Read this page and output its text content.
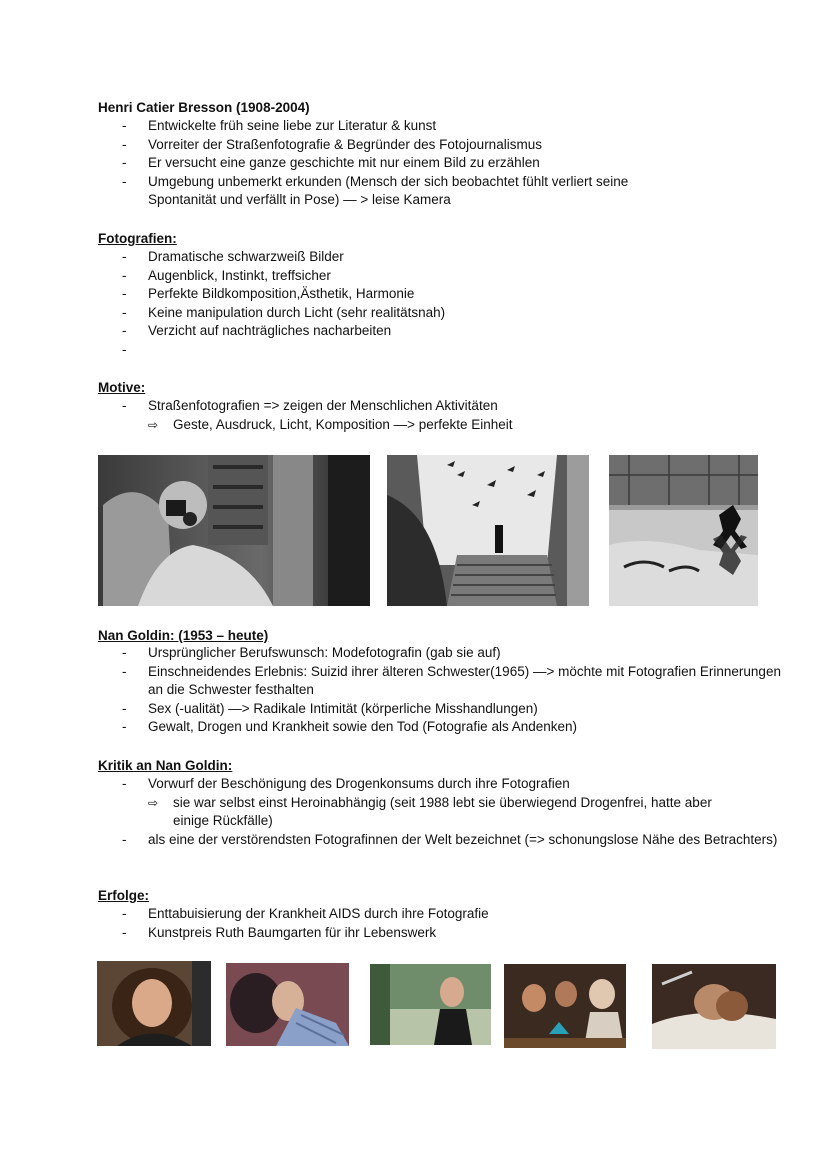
Henri Catier Bresson (1908-2004)
- Entwickelte früh seine liebe zur Literatur & kunst
- Vorreiter der Straßenfotografie & Begründer des Fotojournalismus
- Er versucht eine ganze geschichte mit nur einem Bild zu erzählen
- Umgebung unbemerkt erkunden (Mensch der sich beobachtet fühlt verliert seine Spontanität und verfällt in Pose) — > leise Kamera
Fotografien:
- Dramatische schwarzweiß Bilder
- Augenblick, Instinkt, treffsicher
- Perfekte Bildkomposition,Ästhetik, Harmonie
- Keine manipulation durch Licht (sehr realitätsnah)
- Verzicht auf nachträgliches nacharbeiten
-
Motive:
- Straßenfotografien => zeigen der Menschlichen Aktivitäten
⇨ Geste, Ausdruck, Licht, Komposition —> perfekte Einheit
Nan Goldin: (1953 – heute)
- Ursprünglicher Berufswunsch: Modefotografin (gab sie auf)
- Einschneidendes Erlebnis: Suizid ihrer älteren Schwester(1965) —> möchte mit Fotografien Erinnerungen an die Schwester festhalten
- Sex (-ualität) —> Radikale Intimität (körperliche Misshandlungen)
- Gewalt, Drogen und Krankheit sowie den Tod (Fotografie als Andenken)
Kritik an Nan Goldin:
- Vorwurf der Beschönigung des Drogenkonsums durch ihre Fotografien
⇨ sie war selbst einst Heroinabhängig (seit 1988 lebt sie überwiegend Drogenfrei, hatte aber einige Rückfälle)
- als eine der verstörendsten Fotografinnen der Welt bezeichnet (=> schonungslose Nähe des Betrachters)
Erfolge:
- Enttabuisierung der Krankheit AIDS durch ihre Fotografie
- Kunstpreis Ruth Baumgarten für ihr Lebenswerk
